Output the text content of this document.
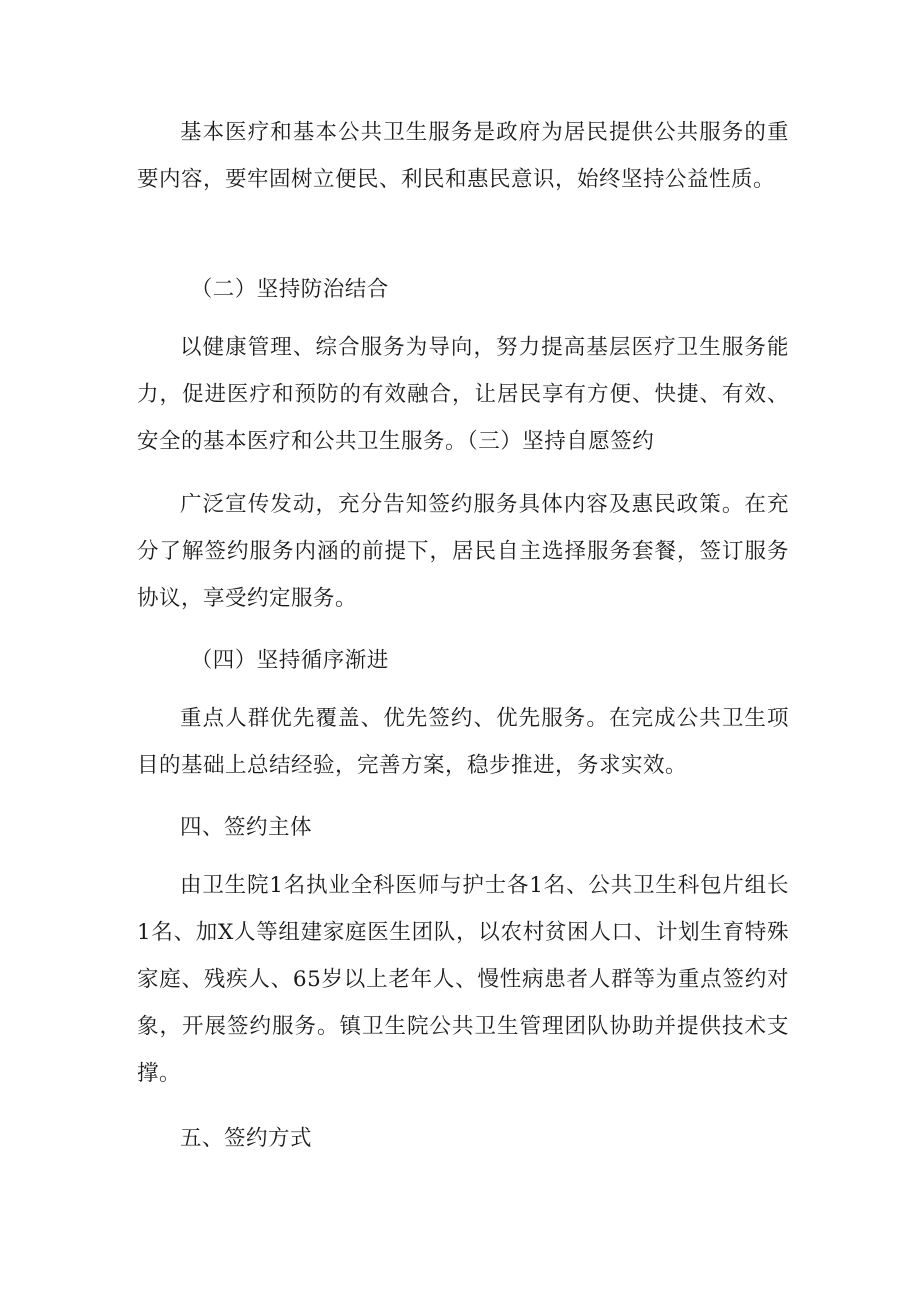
基本医疗和基本公共卫生服务是政府为居民提供公共服务的重要内容，要牢固树立便民、利民和惠民意识，始终坚持公益性质。

（二）坚持防治结合

以健康管理、综合服务为导向，努力提高基层医疗卫生服务能力，促进医疗和预防的有效融合，让居民享有方便、快捷、有效、安全的基本医疗和公共卫生服务。（三）坚持自愿签约

广泛宣传发动，充分告知签约服务具体内容及惠民政策。在充分了解签约服务内涵的前提下，居民自主选择服务套餐，签订服务协议，享受约定服务。

（四）坚持循序渐进

重点人群优先覆盖、优先签约、优先服务。在完成公共卫生项目的基础上总结经验，完善方案，稳步推进，务求实效。

四、签约主体

由卫生院1名执业全科医师与护士各1名、公共卫生科包片组长1名、加X人等组建家庭医生团队，以农村贫困人口、计划生育特殊家庭、残疾人、65岁以上老年人、慢性病患者人群等为重点签约对象，开展签约服务。镇卫生院公共卫生管理团队协助并提供技术支撑。

五、签约方式
